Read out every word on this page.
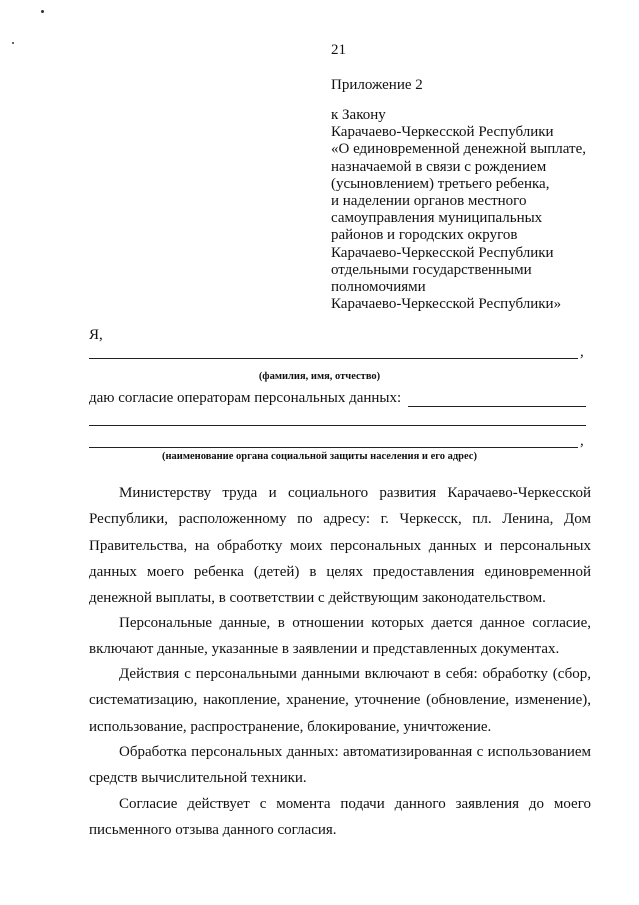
21
Приложение 2
к Закону
Карачаево-Черкесской Республики
«О единовременной денежной выплате,
назначаемой в связи с рождением
(усыновлением) третьего ребенка,
и наделении органов местного
самоуправления муниципальных
районов и городских округов
Карачаево-Черкесской Республики
отдельными государственными
полномочиями
Карачаево-Черкесской Республики»
Я,
,
(фамилия, имя, отчество)
даю согласие операторам персональных данных:
,
(наименование органа социальной защиты населения и его адрес)
Министерству труда и социального развития Карачаево-Черкесской Республики, расположенному по адресу: г. Черкесск, пл. Ленина, Дом Правительства, на обработку моих персональных данных и персональных данных моего ребенка (детей) в целях предоставления единовременной денежной выплаты, в соответствии с действующим законодательством.
Персональные данные, в отношении которых дается данное согласие, включают данные, указанные в заявлении и представленных документах.
Действия с персональными данными включают в себя: обработку (сбор, систематизацию, накопление, хранение, уточнение (обновление, изменение), использование, распространение, блокирование, уничтожение.
Обработка персональных данных: автоматизированная с использованием средств вычислительной техники.
Согласие действует с момента подачи данного заявления до моего письменного отзыва данного согласия.
